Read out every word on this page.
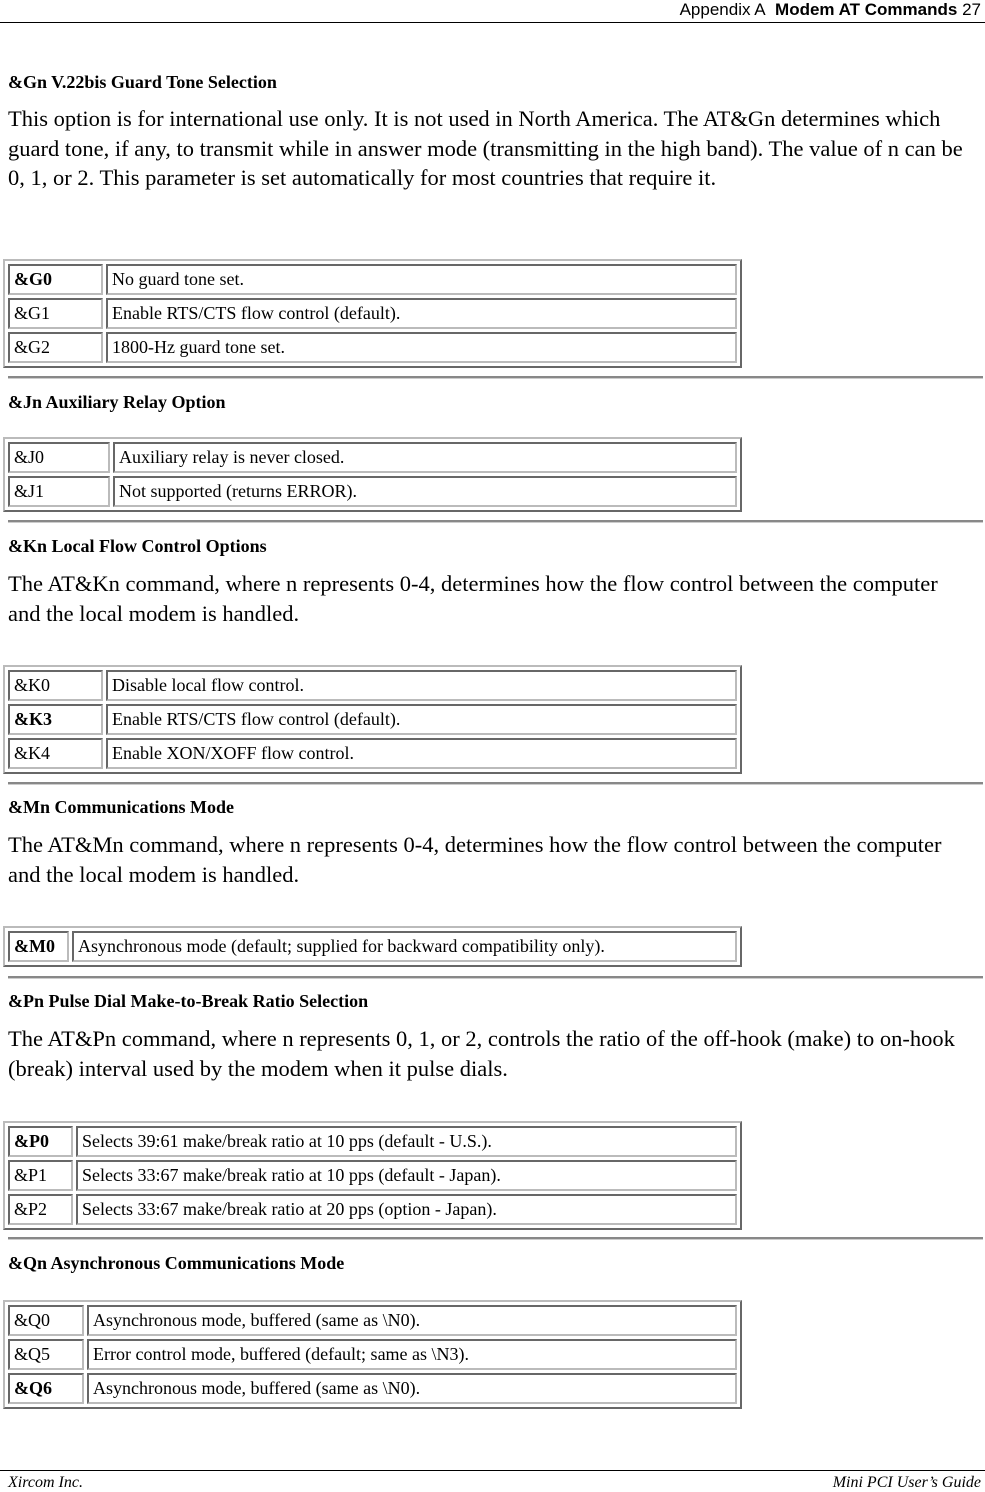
Appendix A Modem AT Commands 27
&Gn V.22bis Guard Tone Selection
This option is for international use only. It is not used in North America. The AT&Gn determines which guard tone, if any, to transmit while in answer mode (transmitting in the high band). The value of n can be 0, 1, or 2. This parameter is set automatically for most countries that require it.
&G0	No guard tone set.
&G1	Enable RTS/CTS flow control (default).
&G2	1800-Hz guard tone set.
&Jn Auxiliary Relay Option
&J0	Auxiliary relay is never closed.
&J1	Not supported (returns ERROR).
&Kn Local Flow Control Options
The AT&Kn command, where n represents 0-4, determines how the flow control between the computer and the local modem is handled.
&K0	Disable local flow control.
&K3	Enable RTS/CTS flow control (default).
&K4	Enable XON/XOFF flow control.
&Mn Communications Mode
The AT&Mn command, where n represents 0-4, determines how the flow control between the computer and the local modem is handled.
&M0	Asynchronous mode (default; supplied for backward compatibility only).
&Pn Pulse Dial Make-to-Break Ratio Selection
The AT&Pn command, where n represents 0, 1, or 2, controls the ratio of the off-hook (make) to on-hook (break) interval used by the modem when it pulse dials.
&P0	Selects 39:61 make/break ratio at 10 pps (default - U.S.).
&P1	Selects 33:67 make/break ratio at 10 pps (default - Japan).
&P2	Selects 33:67 make/break ratio at 20 pps (option - Japan).
&Qn Asynchronous Communications Mode
&Q0	Asynchronous mode, buffered (same as \N0).
&Q5	Error control mode, buffered (default; same as \N3).
&Q6	Asynchronous mode, buffered (same as \N0).
Xircom Inc.	Mini PCI User’s Guide
